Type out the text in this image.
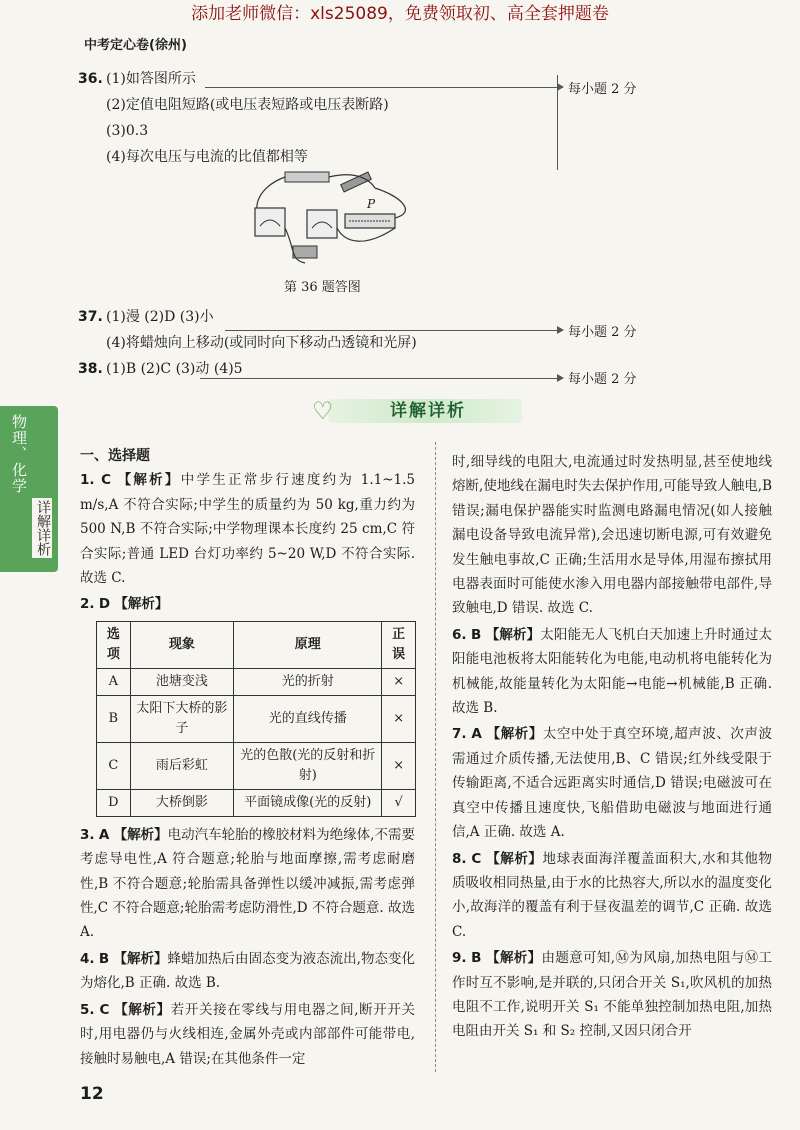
添加老师微信：xls25089，免费领取初、高全套押题卷
中考定心卷(徐州)
36. (1)如答图所示
(2)定值电阻短路(或电压表短路或电压表断路)
(3)0.3
(4)每次电压与电流的比值都相等
每小题 2 分
P
第 36 题答图
37. (1)漫 (2)D (3)小
(4)将蜡烛向上移动(或同时向下移动凸透镜和光屏)
每小题 2 分
38. (1)B (2)C (3)动 (4)5
每小题 2 分
♡	详解详析
物理、化学
详解详析
一、选择题
1. C 【解析】中学生正常步行速度约为 1.1~1.5 m/s,A 不符合实际;中学生的质量约为 50 kg,重力约为 500 N,B 不符合实际;中学物理课本长度约 25 cm,C 符合实际;普通 LED 台灯功率约 5~20 W,D 不符合实际. 故选 C.
2. D 【解析】
选项	现象	原理	正误
A	池塘变浅	光的折射	×
B	太阳下大桥的影子	光的直线传播	×
C	雨后彩虹	光的色散(光的反射和折射)	×
D	大桥倒影	平面镜成像(光的反射)	√
3. A 【解析】电动汽车轮胎的橡胶材料为绝缘体,不需要考虑导电性,A 符合题意;轮胎与地面摩擦,需考虑耐磨性,B 不符合题意;轮胎需具备弹性以缓冲减振,需考虑弹性,C 不符合题意;轮胎需考虑防滑性,D 不符合题意. 故选 A.
4. B 【解析】蜂蜡加热后由固态变为液态流出,物态变化为熔化,B 正确. 故选 B.
5. C 【解析】若开关接在零线与用电器之间,断开开关时,用电器仍与火线相连,金属外壳或内部部件可能带电,接触时易触电,A 错误;在其他条件一定
时,细导线的电阻大,电流通过时发热明显,甚至使地线熔断,使地线在漏电时失去保护作用,可能导致人触电,B 错误;漏电保护器能实时监测电路漏电情况(如人接触漏电设备导致电流异常),会迅速切断电源,可有效避免发生触电事故,C 正确;生活用水是导体,用湿布擦拭用电器表面时可能使水渗入用电器内部接触带电部件,导致触电,D 错误. 故选 C.
6. B 【解析】太阳能无人飞机白天加速上升时通过太阳能电池板将太阳能转化为电能,电动机将电能转化为机械能,故能量转化为太阳能→电能→机械能,B 正确. 故选 B.
7. A 【解析】太空中处于真空环境,超声波、次声波需通过介质传播,无法使用,B、C 错误;红外线受限于传输距离,不适合远距离实时通信,D 错误;电磁波可在真空中传播且速度快,飞船借助电磁波与地面进行通信,A 正确. 故选 A.
8. C 【解析】地球表面海洋覆盖面积大,水和其他物质吸收相同热量,由于水的比热容大,所以水的温度变化小,故海洋的覆盖有利于昼夜温差的调节,C 正确. 故选 C.
9. B 【解析】由题意可知,Ⓜ为风扇,加热电阻与Ⓜ工作时互不影响,是并联的,只闭合开关 S₁,吹风机的加热电阻不工作,说明开关 S₁ 不能单独控制加热电阻,加热电阻由开关 S₁ 和 S₂ 控制,又因只闭合开
12
